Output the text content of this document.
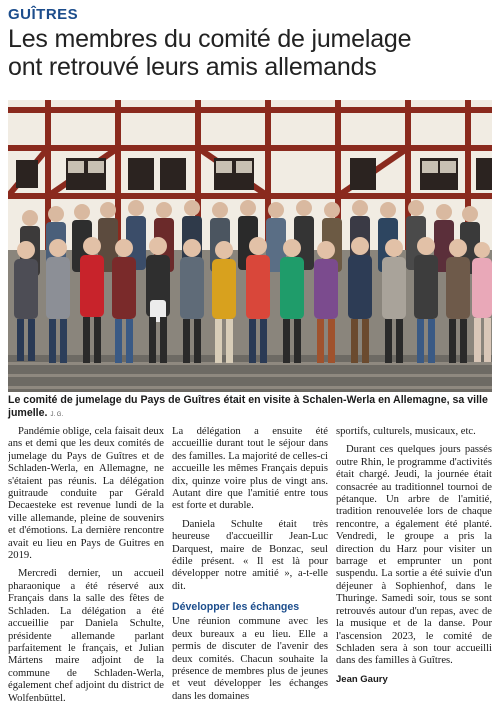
GUÎTRES
Les membres du comité de jumelage
ont retrouvé leurs amis allemands
Le comité de jumelage du Pays de Guîtres était en visite à Schalen-Werla en Allemagne, sa ville jumelle. J. G.

Pandémie oblige, cela faisait deux ans et demi que les deux comités de jumelage du Pays de Guîtres et de Schladen-Werla, en Allemagne, ne s'étaient pas réunis. La délégation guitraude conduite par Gérald Decaesteke est revenue lundi de la ville allemande, pleine de souvenirs et d'émotions. La dernière rencontre avait eu lieu en Pays de Guitres en 2019.

Mercredi dernier, un accueil pharaonique a été réservé aux Français dans la salle des fêtes de Schladen. La délégation a été accueillie par Daniela Schulte, présidente allemande parlant parfaitement le français, et Julian Mártens maire adjoint de la commune de Schladen-Werla, également chef adjoint du district de Wolfenbüttel.

La délégation a ensuite été accueillie durant tout le séjour dans des familles. La majorité de celles-ci accueille les mêmes Français depuis dix, quinze voire plus de vingt ans. Autant dire que l'amitié entre tous est forte et durable.

Daniela Schulte était très heureuse d'accueillir Jean-Luc Darquest, maire de Bonzac, seul édile présent. « Il est là pour développer notre amitié », a-t-elle dit.

Développer les échanges

Une réunion commune avec les deux bureaux a eu lieu. Elle a permis de discuter de l'avenir des deux comités. Chacun souhaite la présence de membres plus de jeunes et veut développer les échanges dans les domaines

sportifs, culturels, musicaux, etc.

Durant ces quelques jours passés outre Rhin, le programme d'activités était chargé. Jeudi, la journée était consacrée au traditionnel tournoi de pétanque. Un arbre de l'amitié, tradition renouvelée lors de chaque rencontre, a également été planté. Vendredi, le groupe a pris la direction du Harz pour visiter un barrage et emprunter un pont suspendu. La sortie a été suivie d'un déjeuner à Sophienhof, dans le Thuringe. Samedi soir, tous se sont retrouvés autour d'un repas, avec de la musique et de la danse. Pour l'ascension 2023, le comité de Schladen sera à son tour accueilli dans des familles à Guîtres.

Jean Gaury
